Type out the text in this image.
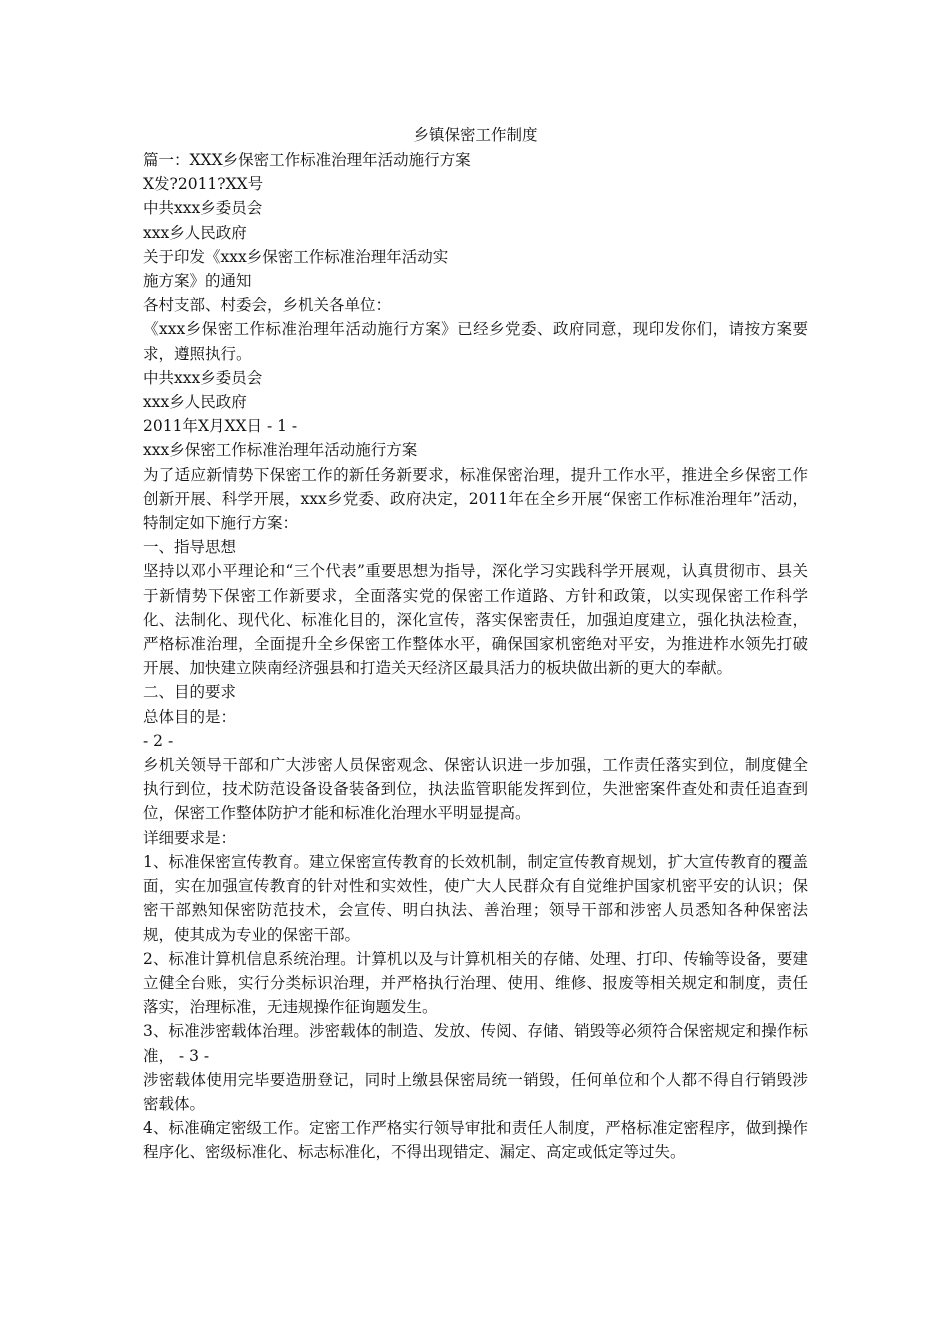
乡镇保密工作制度

篇一：XXX乡保密工作标准治理年活动施行方案

X发?2011?XX号

中共xxx乡委员会

xxx乡人民政府

关于印发《xxx乡保密工作标准治理年活动实

施方案》的通知

各村支部、村委会，乡机关各单位：

《xxx乡保密工作标准治理年活动施行方案》已经乡党委、政府同意，现印发你们，请按方案要求，遵照执行。

中共xxx乡委员会

xxx乡人民政府

2011年X月XX日 - 1 -

xxx乡保密工作标准治理年活动施行方案

为了适应新情势下保密工作的新任务新要求，标准保密治理，提升工作水平，推进全乡保密工作创新开展、科学开展，xxx乡党委、政府决定，2011年在全乡开展“保密工作标准治理年”活动，特制定如下施行方案：

一、指导思想

坚持以邓小平理论和“三个代表”重要思想为指导，深化学习实践科学开展观，认真贯彻市、县关于新情势下保密工作新要求，全面落实党的保密工作道路、方针和政策，以实现保密工作科学化、法制化、现代化、标准化目的，深化宣传，落实保密责任，加强迫度建立，强化执法检查，严格标准治理，全面提升全乡保密工作整体水平，确保国家机密绝对平安，为推进柞水领先打破开展、加快建立陕南经济强县和打造关天经济区最具活力的板块做出新的更大的奉献。

二、目的要求

总体目的是：

- 2 -

乡机关领导干部和广大涉密人员保密观念、保密认识进一步加强，工作责任落实到位，制度健全执行到位，技术防范设备设备装备到位，执法监管职能发挥到位，失泄密案件查处和责任追查到位，保密工作整体防护才能和标准化治理水平明显提高。

详细要求是：

1、标准保密宣传教育。建立保密宣传教育的长效机制，制定宣传教育规划，扩大宣传教育的覆盖面，实在加强宣传教育的针对性和实效性，使广大人民群众有自觉维护国家机密平安的认识；保密干部熟知保密防范技术，会宣传、明白执法、善治理；领导干部和涉密人员悉知各种保密法规，使其成为专业的保密干部。

2、标准计算机信息系统治理。计算机以及与计算机相关的存储、处理、打印、传输等设备，要建立健全台账，实行分类标识治理，并严格执行治理、使用、维修、报废等相关规定和制度，责任落实，治理标准，无违规操作征询题发生。

3、标准涉密载体治理。涉密载体的制造、发放、传阅、存储、销毁等必须符合保密规定和操作标准， - 3 -

涉密载体使用完毕要造册登记，同时上缴县保密局统一销毁，任何单位和个人都不得自行销毁涉密载体。

4、标准确定密级工作。定密工作严格实行领导审批和责任人制度，严格标准定密程序，做到操作程序化、密级标准化、标志标准化，不得出现错定、漏定、高定或低定等过失。
